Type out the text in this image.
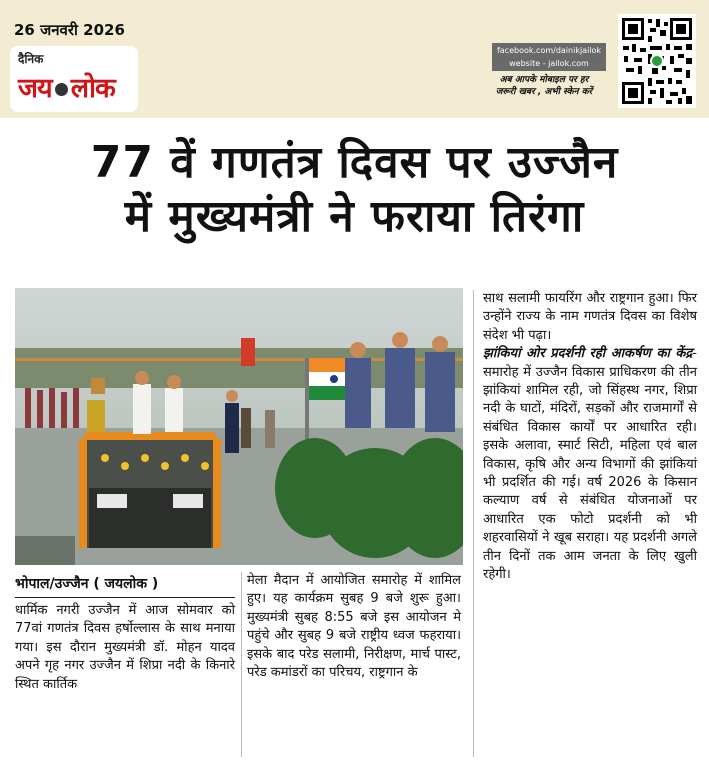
26 जनवरी 2026
दैनिक
जय लोक
facebook.com/dainikjailok
website - jailok.com
अब आपके मोबाइल पर हर
जरूरी खबर , अभी स्केन करें
77 वें गणतंत्र दिवस पर उज्जैन
में मुख्यमंत्री ने फराया तिरंगा
भोपाल/उज्जैन ( जयलोक )
धार्मिक नगरी उज्जैन में आज सोमवार को 77वां गणतंत्र दिवस हर्षोल्लास के साथ मनाया गया। इस दौरान मुख्यमंत्री डॉ. मोहन यादव अपने गृह नगर उज्जैन में शिप्रा नदी के किनारे स्थित कार्तिक
मेला मैदान में आयोजित समारोह में शामिल हुए। यह कार्यक्रम सुबह 9 बजे शुरू हुआ। मुख्यमंत्री सुबह 8:55 बजे इस आयोजन मे पहुंचे और सुबह 9 बजे राष्ट्रीय ध्वज फहराया। इसके बाद परेड सलामी, निरीक्षण, मार्च पास्ट, परेड कमांडरों का परिचय, राष्ट्रगान के
साथ सलामी फायरिंग और राष्ट्रगान हुआ। फिर उन्होंने राज्य के नाम गणतंत्र दिवस का विशेष संदेश भी पढ़ा।
झांकियां ओर प्रदर्शनी रही आकर्षण का केंद्र- समारोह में उज्जैन विकास प्राधिकरण की तीन झांकियां शामिल रही, जो सिंहस्थ नगर, शिप्रा नदी के घाटों, मंदिरों, सड़कों और राजमार्गों से संबंधित विकास कार्यों पर आधारित रही। इसके अलावा, स्मार्ट सिटी, महिला एवं बाल विकास, कृषि और अन्य विभागों की झांकियां भी प्रदर्शित की गई। वर्ष 2026 के किसान कल्याण वर्ष से संबंधित योजनाओं पर आधारित एक फोटो प्रदर्शनी को भी शहरवासियों ने खूब सराहा। यह प्रदर्शनी अगले तीन दिनों तक आम जनता के लिए खुली रहेगी।
